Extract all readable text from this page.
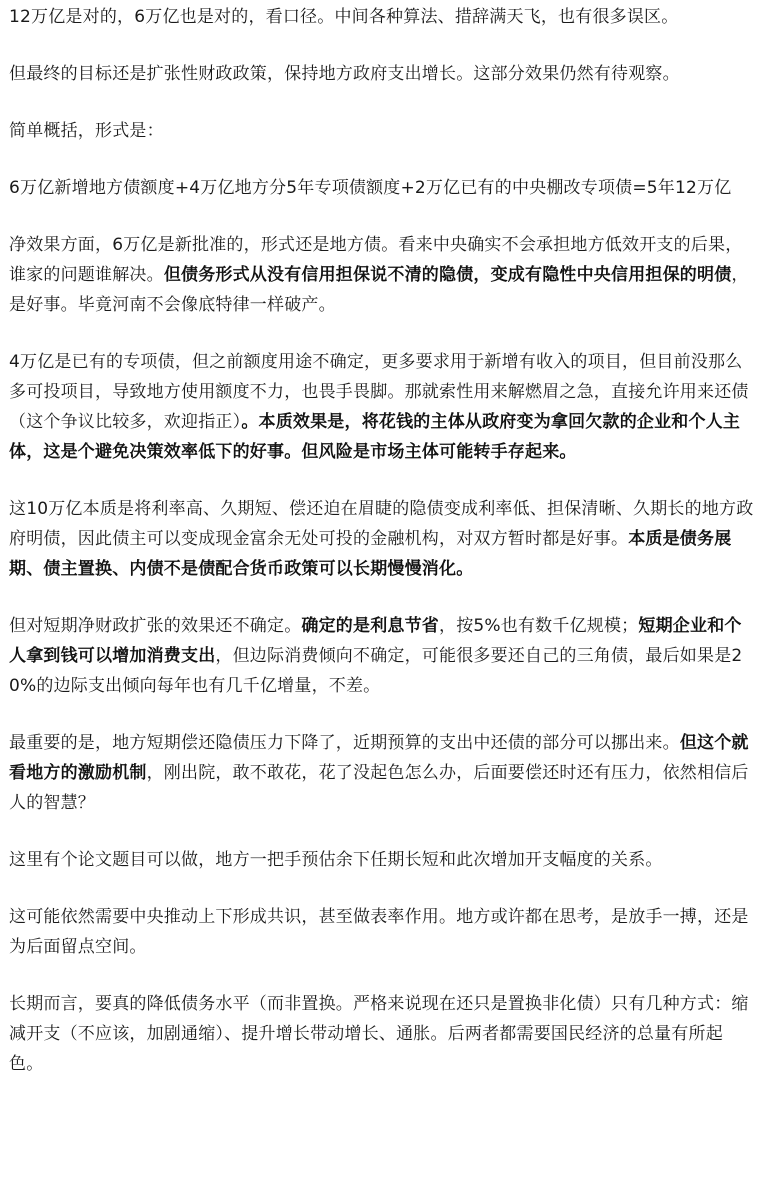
12万亿是对的，6万亿也是对的，看口径。中间各种算法、措辞满天飞，也有很多误区。

但最终的目标还是扩张性财政政策，保持地方政府支出增长。这部分效果仍然有待观察。

简单概括，形式是：

6万亿新增地方债额度+4万亿地方分5年专项债额度+2万亿已有的中央棚改专项债=5年12万亿

净效果方面，6万亿是新批准的，形式还是地方债。看来中央确实不会承担地方低效开支的后果，谁家的问题谁解决。但债务形式从没有信用担保说不清的隐债，变成有隐性中央信用担保的明债，是好事。毕竟河南不会像底特律一样破产。

4万亿是已有的专项债，但之前额度用途不确定，更多要求用于新增有收入的项目，但目前没那么多可投项目，导致地方使用额度不力，也畏手畏脚。那就索性用来解燃眉之急，直接允许用来还债（这个争议比较多，欢迎指正）。本质效果是，将花钱的主体从政府变为拿回欠款的企业和个人主体，这是个避免决策效率低下的好事。但风险是市场主体可能转手存起来。

这10万亿本质是将利率高、久期短、偿还迫在眉睫的隐债变成利率低、担保清晰、久期长的地方政府明债，因此债主可以变成现金富余无处可投的金融机构，对双方暂时都是好事。本质是债务展期、债主置换、内债不是债配合货币政策可以长期慢慢消化。

但对短期净财政扩张的效果还不确定。确定的是利息节省，按5%也有数千亿规模；短期企业和个人拿到钱可以增加消费支出，但边际消费倾向不确定，可能很多要还自己的三角债，最后如果是20%的边际支出倾向每年也有几千亿增量，不差。

最重要的是，地方短期偿还隐债压力下降了，近期预算的支出中还债的部分可以挪出来。但这个就看地方的激励机制，刚出院，敢不敢花，花了没起色怎么办，后面要偿还时还有压力，依然相信后人的智慧？

这里有个论文题目可以做，地方一把手预估余下任期长短和此次增加开支幅度的关系。

这可能依然需要中央推动上下形成共识，甚至做表率作用。地方或许都在思考，是放手一搏，还是为后面留点空间。

长期而言，要真的降低债务水平（而非置换。严格来说现在还只是置换非化债）只有几种方式：缩减开支（不应该，加剧通缩）、提升增长带动增长、通胀。后两者都需要国民经济的总量有所起色。
